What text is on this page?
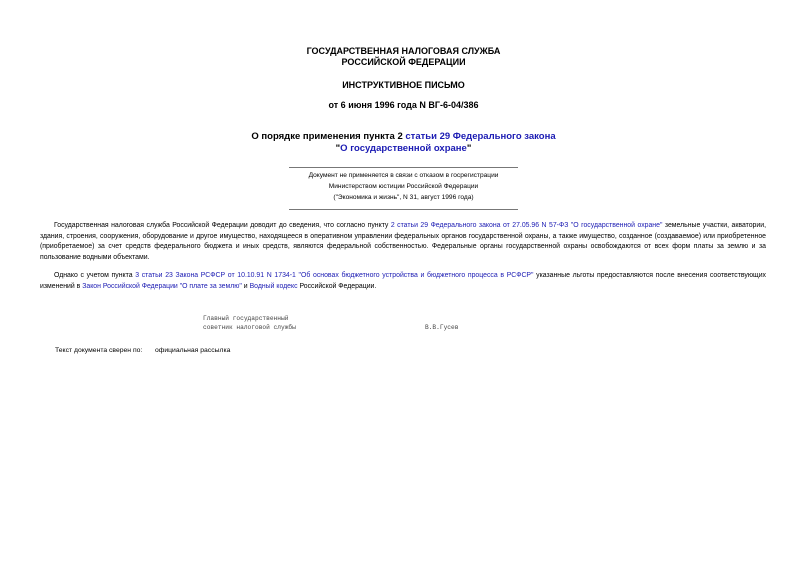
ГОСУДАРСТВЕННАЯ НАЛОГОВАЯ СЛУЖБА
РОССИЙСКОЙ ФЕДЕРАЦИИ
ИНСТРУКТИВНОЕ ПИСЬМО
от 6 июня 1996 года N ВГ-6-04/386
О порядке применения пункта 2 статьи 29 Федерального закона
"О государственной охране"
Документ не применяется в связи с отказом в госрегистрации
Министерством юстиции Российской Федерации
("Экономика и жизнь", N 31, август 1996 года)
Государственная налоговая служба Российской Федерации доводит до сведения, что согласно пункту 2 статьи 29 Федерального закона от 27.05.96 N 57-ФЗ "О государственной охране" земельные участки, акватории, здания, строения, сооружения, оборудование и другое имущество, находящееся в оперативном управлении федеральных органов государственной охраны, а также имущество, созданное (создаваемое) или приобретенное (приобретаемое) за счет средств федерального бюджета и иных средств, являются федеральной собственностью. Федеральные органы государственной охраны освобождаются от всех форм платы за землю и за пользование водными объектами.
Однако с учетом пункта 3 статьи 23 Закона РСФСР от 10.10.91 N 1734-1 "Об основах бюджетного устройства и бюджетного процесса в РСФСР" указанные льготы предоставляются после внесения соответствующих изменений в Закон Российской Федерации "О плате за землю" и Водный кодекс Российской Федерации.
Главный государственный
советник налоговой службы	В.В.Гусев
Текст документа сверен по: официальная рассылка
